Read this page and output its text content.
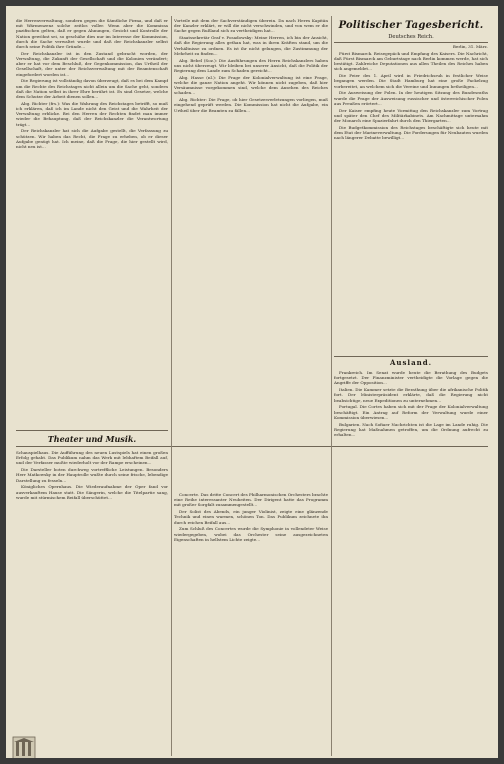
die Herrenverwaltung, sondern gegen die Sämtliche Firma, und daß er mit Wärmenzenz solche zeitlos voller. Wenn aber die Kommissa pazifischen gelten, daß er gegen Ahnungen, Gesicht und Kontrolle der Nation gewöhnt sei, so geschähe dies nur im Interesse der Kommission, durch die Sache verwaltet wurde und daß der Reichskanzler selbst durch seine Politik ihre Gründe...

Der Reichskanzler ist in den Zustand gebracht worden, der Verwaltung, die Zukunft der Gesellschaft und die Kolonien verändert; aber er hat vor dem Beschluß, der Gegenkommission, das Urtheil der Gesellschaft, der unter der Reichsverwaltung mit der Beamtenschaft eingefordert worden ist...

Die Regierung ist vollständig davon überzeugt, daß es bei dem Kampf um die Rechte des Reichstages nicht allein um die Sache geht, sondern daß die Nation selbst in ihrer Ehre berührt ist. Es sind Gesetze, welche dem Schutze der Arbeit dienen sollen...

Abg. Richter (frs.): Was die Wahrung des Reichstages betrifft, so muß ich erklären, daß ich im Lande nicht den Geist und die Wahrheit der Verwaltung erblicke. Bei den Herren der Rechten findet man immer wieder die Behauptung, daß der Reichskanzler die Verantwortung trägt...

Der Reichskanzler hat sich die Aufgabe gestellt, die Verfassung zu schützen. Wir haben das Recht, die Frage zu erheben, ob er dieser Aufgabe genügt hat. Ich meine, daß die Frage, die hier gestellt wird, nicht neu ist...

Vorteile mit dem der Sachverständigen überein. Da nach Herrn Kapitän der Kanzler erklärt, er will die nicht verschwinden, und von wem er die Sache gegen Rußland sich zu vertheidigen hat...

Staatssekretär Graf v. Posadowsky: Meine Herren, ich bin der Ansicht, daß die Regierung alles gethan hat, was in ihren Kräften stand, um die Verhältnisse zu ordnen. Es ist ihr nicht gelungen, die Zustimmung der Mehrheit zu finden...

Abg. Bebel (Soz.): Die Ausführungen des Herrn Reichskanzlers haben uns nicht überzeugt. Wir bleiben bei unserer Ansicht, daß die Politik der Regierung dem Lande zum Schaden gereicht...

Abg. Hasse (nl.): Die Frage der Kolonialverwaltung ist eine Frage, welche die ganze Nation angeht. Wir können nicht zugeben, daß hier Versäumnisse vorgekommen sind, welche dem Ansehen des Reiches schaden...

Abg. Richter: Die Frage, ob hier Gesetzesverletzungen vorliegen, muß eingehend geprüft werden. Die Kommission hat nicht die Aufgabe, ein Urtheil über die Beamten zu fällen...

Politischer Tagesbericht.
Deutsches Reich.

Berlin, 31. März.

Fürst Bismarck. Reisegepäck und Empfang des Kaisers. Die Nachricht, daß Fürst Bismarck am Geburtstage nach Berlin kommen werde, hat sich bestätigt. Zahlreiche Deputationen aus allen Theilen des Reiches haben sich angemeldet...

Die Feier des 1. April wird in Friedrichsruh in festlicher Weise begangen werden. Die Stadt Hamburg hat eine große Fackelzug vorbereitet, an welchem sich die Vereine und Innungen betheiligen...

Die Ausweisung der Polen. In der heutigen Sitzung des Bundesraths wurde die Frage der Ausweisung russischer und österreichischer Polen aus Preußen erörtert...

Der Kaiser empfing heute Vormittag den Reichskanzler zum Vortrag und später den Chef des Militärkabinets. Am Nachmittage unternahm der Monarch eine Spazierfahrt durch den Thiergarten...

Die Budgetkommission des Reichstages beschäftigte sich heute mit dem Etat der Marineverwaltung. Die Forderungen für Neubauten wurden nach längerer Debatte bewilligt...

Ausland.

Frankreich. Im Senat wurde heute die Berathung des Budgets fortgesetzt. Der Finanzminister vertheidigte die Vorlage gegen die Angriffe der Opposition...

Italien. Die Kammer setzte die Berathung über die afrikanische Politik fort. Der Ministerpräsident erklärte, daß die Regierung nicht beabsichtige, neue Expeditionen zu unternehmen...

Portugal. Die Cortes haben sich mit der Frage der Kolonialverwaltung beschäftigt. Ein Antrag auf Reform der Verwaltung wurde einer Kommission überwiesen...

Bulgarien. Nach Sofiaer Nachrichten ist die Lage im Lande ruhig. Die Regierung hat Maßnahmen getroffen, um die Ordnung aufrecht zu erhalten...

Theater und Musik.

Schauspielhaus. Die Aufführung des neuen Lustspiels hat einen großen Erfolg gehabt. Das Publikum nahm das Werk mit lebhaftem Beifall auf, und der Verfasser mußte wiederholt vor der Rampe erscheinen...

Die Darsteller boten durchweg vortreffliche Leistungen. Besonders Herr Matkowsky in der Hauptrolle wußte durch seine frische, lebendige Darstellung zu fesseln...

Königliches Opernhaus. Die Wiederaufnahme der Oper fand vor ausverkauftem Hause statt. Die Sängerin, welche die Titelpartie sang, wurde mit stürmischem Beifall überschüttet...

Concerte. Das dritte Concert des Philharmonischen Orchesters brachte eine Reihe interessanter Neuheiten. Der Dirigent hatte das Programm mit großer Sorgfalt zusammengestellt...

Der Solist des Abends, ein junger Violinist, zeigte eine glänzende Technik und einen warmen, schönen Ton. Das Publikum zeichnete ihn durch reichen Beifall aus...

Zum Schluß des Concertes wurde die Symphonie in vollendeter Weise wiedergegeben, wobei das Orchester seine ausgezeichneten Eigenschaften in hellstem Lichte zeigte...
